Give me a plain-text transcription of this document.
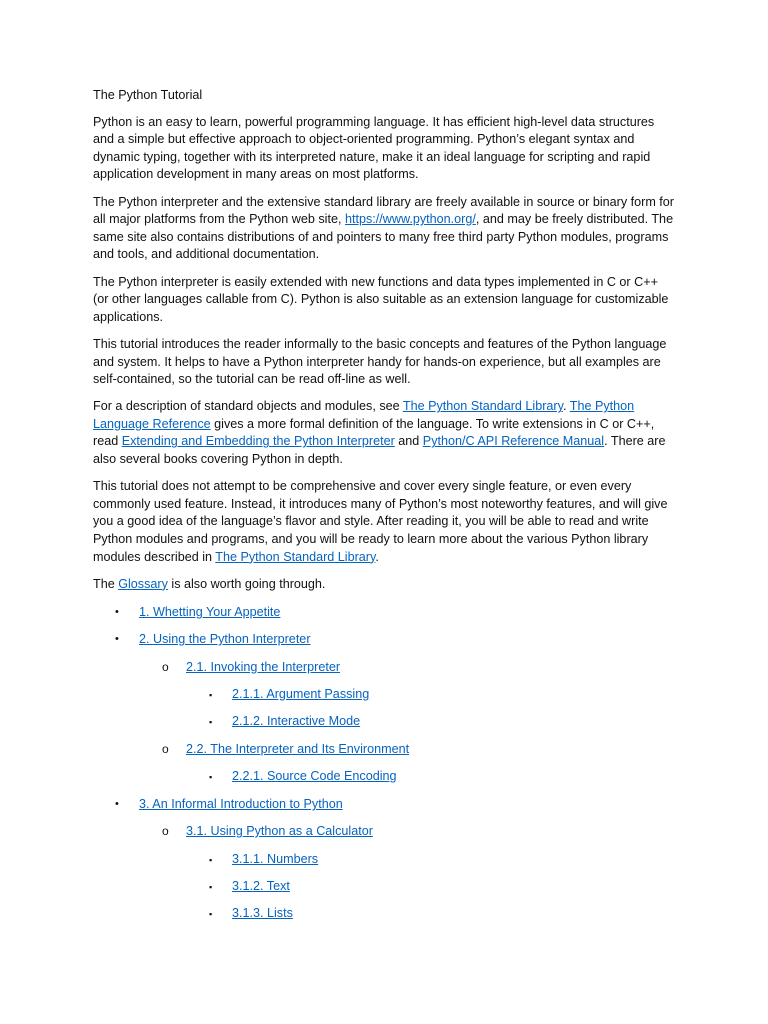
The Python Tutorial

Python is an easy to learn, powerful programming language. It has efficient high-level data structures and a simple but effective approach to object-oriented programming. Python’s elegant syntax and dynamic typing, together with its interpreted nature, make it an ideal language for scripting and rapid application development in many areas on most platforms.

The Python interpreter and the extensive standard library are freely available in source or binary form for all major platforms from the Python web site, https://www.python.org/, and may be freely distributed. The same site also contains distributions of and pointers to many free third party Python modules, programs and tools, and additional documentation.

The Python interpreter is easily extended with new functions and data types implemented in C or C++ (or other languages callable from C). Python is also suitable as an extension language for customizable applications.

This tutorial introduces the reader informally to the basic concepts and features of the Python language and system. It helps to have a Python interpreter handy for hands-on experience, but all examples are self-contained, so the tutorial can be read off-line as well.

For a description of standard objects and modules, see The Python Standard Library. The Python Language Reference gives a more formal definition of the language. To write extensions in C or C++, read Extending and Embedding the Python Interpreter and Python/C API Reference Manual. There are also several books covering Python in depth.

This tutorial does not attempt to be comprehensive and cover every single feature, or even every commonly used feature. Instead, it introduces many of Python’s most noteworthy features, and will give you a good idea of the language’s flavor and style. After reading it, you will be able to read and write Python modules and programs, and you will be ready to learn more about the various Python library modules described in The Python Standard Library.

The Glossary is also worth going through.

•	1. Whetting Your Appetite
•	2. Using the Python Interpreter
o	2.1. Invoking the Interpreter
▪	2.1.1. Argument Passing
▪	2.1.2. Interactive Mode
o	2.2. The Interpreter and Its Environment
▪	2.2.1. Source Code Encoding
•	3. An Informal Introduction to Python
o	3.1. Using Python as a Calculator
▪	3.1.1. Numbers
▪	3.1.2. Text
▪	3.1.3. Lists
